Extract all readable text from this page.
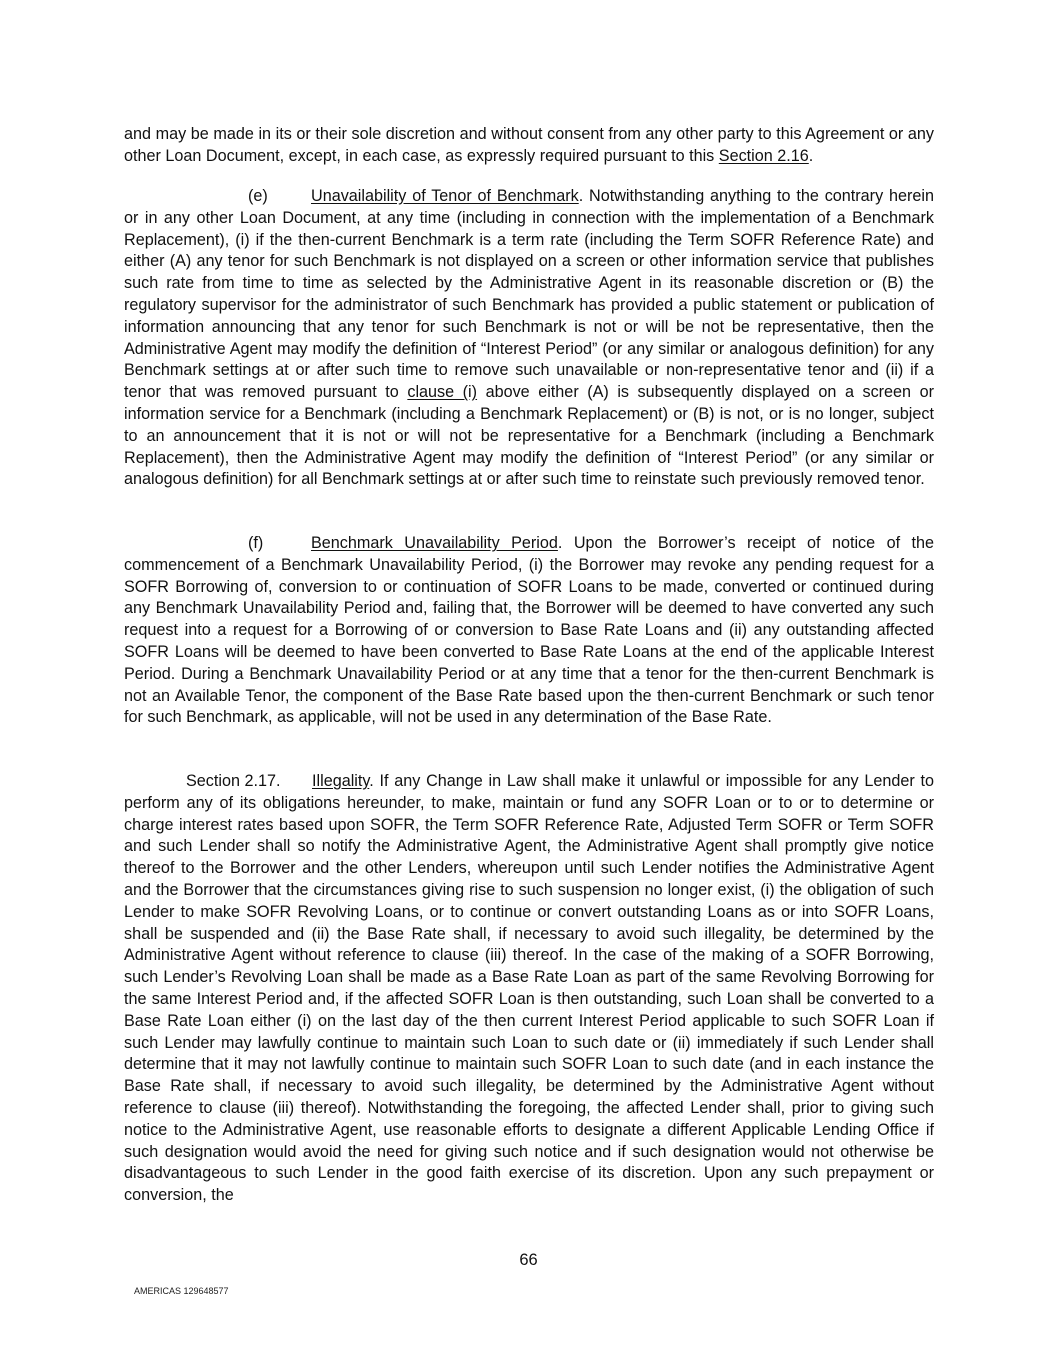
and may be made in its or their sole discretion and without consent from any other party to this Agreement or any other Loan Document, except, in each case, as expressly required pursuant to this Section 2.16.

(e)	Unavailability of Tenor of Benchmark. Notwithstanding anything to the contrary herein or in any other Loan Document, at any time (including in connection with the implementation of a Benchmark Replacement), (i) if the then-current Benchmark is a term rate (including the Term SOFR Reference Rate) and either (A) any tenor for such Benchmark is not displayed on a screen or other information service that publishes such rate from time to time as selected by the Administrative Agent in its reasonable discretion or (B) the regulatory supervisor for the administrator of such Benchmark has provided a public statement or publication of information announcing that any tenor for such Benchmark is not or will be not be representative, then the Administrative Agent may modify the definition of “Interest Period” (or any similar or analogous definition) for any Benchmark settings at or after such time to remove such unavailable or non-representative tenor and (ii) if a tenor that was removed pursuant to clause (i) above either (A) is subsequently displayed on a screen or information service for a Benchmark (including a Benchmark Replacement) or (B) is not, or is no longer, subject to an announcement that it is not or will not be representative for a Benchmark (including a Benchmark Replacement), then the Administrative Agent may modify the definition of “Interest Period” (or any similar or analogous definition) for all Benchmark settings at or after such time to reinstate such previously removed tenor.

(f)	Benchmark Unavailability Period. Upon the Borrower’s receipt of notice of the commencement of a Benchmark Unavailability Period, (i) the Borrower may revoke any pending request for a SOFR Borrowing of, conversion to or continuation of SOFR Loans to be made, converted or continued during any Benchmark Unavailability Period and, failing that, the Borrower will be deemed to have converted any such request into a request for a Borrowing of or conversion to Base Rate Loans and (ii) any outstanding affected SOFR Loans will be deemed to have been converted to Base Rate Loans at the end of the applicable Interest Period. During a Benchmark Unavailability Period or at any time that a tenor for the then-current Benchmark is not an Available Tenor, the component of the Base Rate based upon the then-current Benchmark or such tenor for such Benchmark, as applicable, will not be used in any determination of the Base Rate.

Section 2.17. Illegality. If any Change in Law shall make it unlawful or impossible for any Lender to perform any of its obligations hereunder, to make, maintain or fund any SOFR Loan or to or to determine or charge interest rates based upon SOFR, the Term SOFR Reference Rate, Adjusted Term SOFR or Term SOFR and such Lender shall so notify the Administrative Agent, the Administrative Agent shall promptly give notice thereof to the Borrower and the other Lenders, whereupon until such Lender notifies the Administrative Agent and the Borrower that the circumstances giving rise to such suspension no longer exist, (i) the obligation of such Lender to make SOFR Revolving Loans, or to continue or convert outstanding Loans as or into SOFR Loans, shall be suspended and (ii) the Base Rate shall, if necessary to avoid such illegality, be determined by the Administrative Agent without reference to clause (iii) thereof. In the case of the making of a SOFR Borrowing, such Lender’s Revolving Loan shall be made as a Base Rate Loan as part of the same Revolving Borrowing for the same Interest Period and, if the affected SOFR Loan is then outstanding, such Loan shall be converted to a Base Rate Loan either (i) on the last day of the then current Interest Period applicable to such SOFR Loan if such Lender may lawfully continue to maintain such Loan to such date or (ii) immediately if such Lender shall determine that it may not lawfully continue to maintain such SOFR Loan to such date (and in each instance the Base Rate shall, if necessary to avoid such illegality, be determined by the Administrative Agent without reference to clause (iii) thereof). Notwithstanding the foregoing, the affected Lender shall, prior to giving such notice to the Administrative Agent, use reasonable efforts to designate a different Applicable Lending Office if such designation would avoid the need for giving such notice and if such designation would not otherwise be disadvantageous to such Lender in the good faith exercise of its discretion. Upon any such prepayment or conversion, the

66
AMERICAS 129648577
